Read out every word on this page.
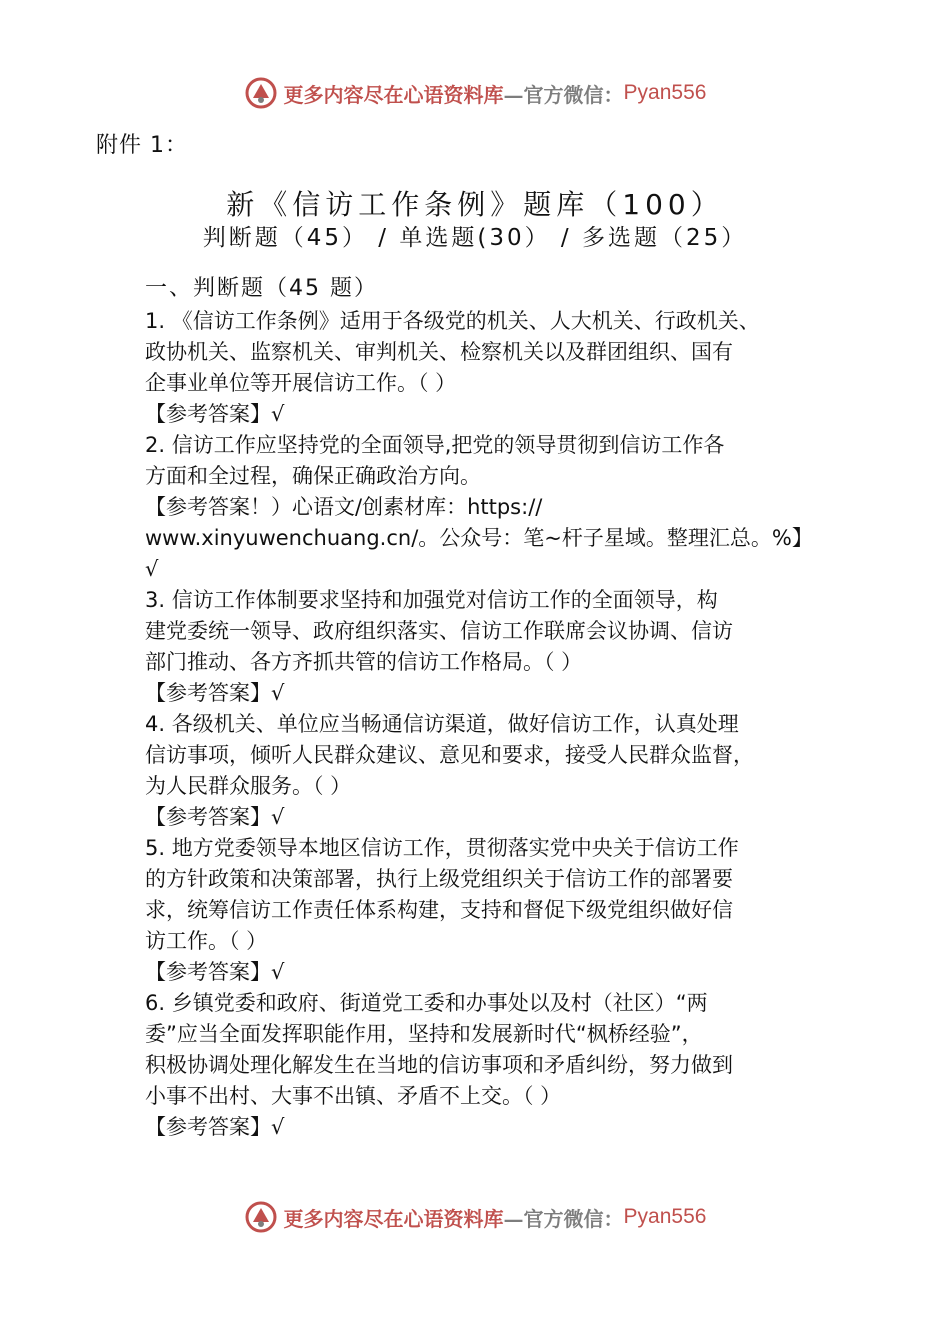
更多内容尽在心语资料库 —官方微信： Pyan556
附件 1：
新《信访工作条例》题库（100）
判断题（45） / 单选题(30） / 多选题（25）
一、判断题（45 题）
1. 《信访工作条例》适用于各级党的机关、人大机关、行政机关、
政协机关、监察机关、审判机关、检察机关以及群团组织、国有
企事业单位等开展信访工作。（ ）
【参考答案】√
2. 信访工作应坚持党的全面领导,把党的领导贯彻到信访工作各
方面和全过程，确保正确政治方向。
【参考答案！）心语文/创素材库：https://
www.xinyuwenchuang.cn/。公众号：笔~杆子星域。整理汇总。%】
√
3. 信访工作体制要求坚持和加强党对信访工作的全面领导，构
建党委统一领导、政府组织落实、信访工作联席会议协调、信访
部门推动、各方齐抓共管的信访工作格局。（ ）
【参考答案】√
4. 各级机关、单位应当畅通信访渠道，做好信访工作，认真处理
信访事项，倾听人民群众建议、意见和要求，接受人民群众监督，
为人民群众服务。（ ）
【参考答案】√
5. 地方党委领导本地区信访工作，贯彻落实党中央关于信访工作
的方针政策和决策部署，执行上级党组织关于信访工作的部署要
求，统筹信访工作责任体系构建，支持和督促下级党组织做好信
访工作。（ ）
【参考答案】√
6. 乡镇党委和政府、街道党工委和办事处以及村（社区）“两
委”应当全面发挥职能作用，坚持和发展新时代“枫桥经验”，
积极协调处理化解发生在当地的信访事项和矛盾纠纷，努力做到
小事不出村、大事不出镇、矛盾不上交。（ ）
【参考答案】√
更多内容尽在心语资料库 —官方微信： Pyan556
